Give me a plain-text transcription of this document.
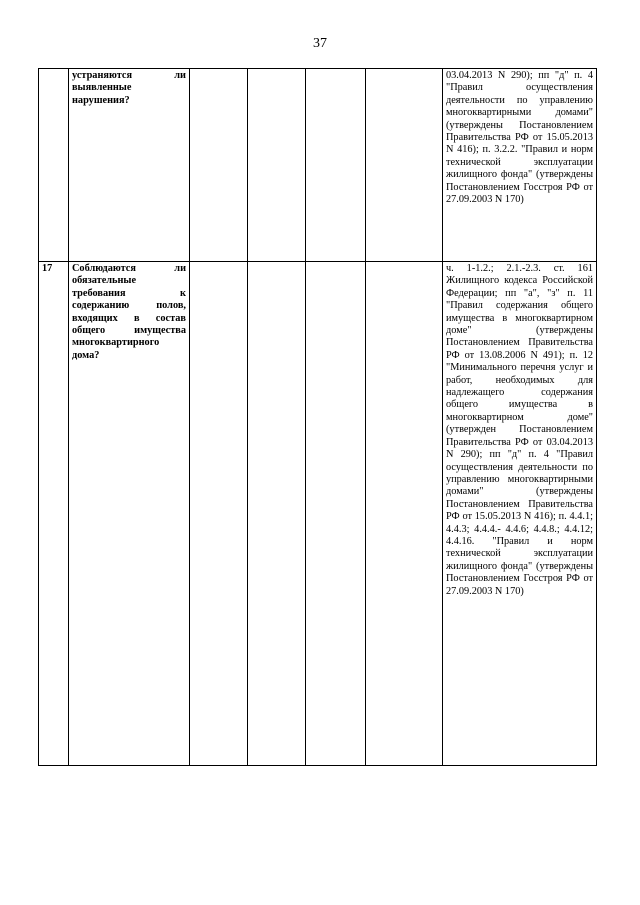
37
	устраняются ли выявленные нарушения?					03.04.2013 N 290); пп "д" п. 4 "Правил осуществления деятельности по управлению многоквартирными домами" (утверждены Постановлением Правительства РФ от 15.05.2013 N 416); п. 3.2.2. "Правил и норм технической эксплуатации жилищного фонда" (утверждены Постановлением Госстроя РФ от 27.09.2003 N 170)
17	Соблюдаются ли обязательные требования к содержанию полов, входящих в состав общего имущества многоквартирного дома?					ч. 1-1.2.; 2.1.-2.3. ст. 161 Жилищного кодекса Российской Федерации; пп "а", "з" п. 11 "Правил содержания общего имущества в многоквартирном доме" (утверждены Постановлением Правительства РФ от 13.08.2006 N 491); п. 12 "Минимального перечня услуг и работ, необходимых для надлежащего содержания общего имущества в многоквартирном доме" (утвержден Постановлением Правительства РФ от 03.04.2013 N 290); пп "д" п. 4 "Правил осуществления деятельности по управлению многоквартирными домами" (утверждены Постановлением Правительства РФ от 15.05.2013 N 416); п. 4.4.1; 4.4.3; 4.4.4.- 4.4.6; 4.4.8.; 4.4.12; 4.4.16. "Правил и норм технической эксплуатации жилищного фонда" (утверждены Постановлением Госстроя РФ от 27.09.2003 N 170)
